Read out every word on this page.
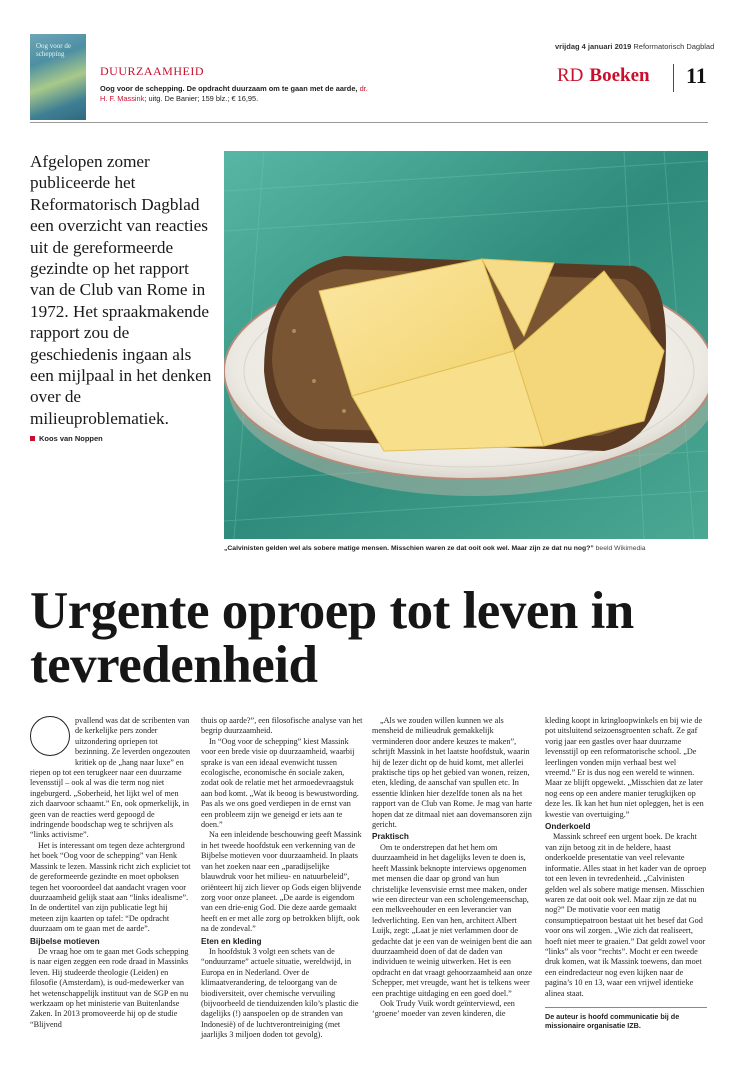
Oog voor de schepping
DUURZAAMHEID
Oog voor de schepping. De opdracht duurzaam om te gaan met de aarde, dr. H. F. Massink; uitg. De Banier; 159 blz.; € 16,95.
vrijdag 4 januari 2019 Reformatorisch Dagblad
RD Boeken 11
Afgelopen zomer publiceerde het Reformatorisch Dagblad een overzicht van reacties uit de gereformeerde gezindte op het rapport van de Club van Rome in 1972. Het spraakmakende rapport zou de geschiedenis ingaan als een mijlpaal in het denken over de milieuproblematiek.
Koos van Noppen
„Calvinisten gelden wel als sobere matige mensen. Misschien waren ze dat ooit ook wel. Maar zijn ze dat nu nog?” beeld Wikimedia
Urgente oproep tot leven in tevredenheid

pvallend was dat de scribenten van de kerkelijke pers zonder uitzondering opriepen tot bezinning. Ze leverden ongezouten kritiek op de „hang naar luxe” en riepen op tot een terugkeer naar een duurzame levensstijl – ook al was die term nog niet ingeburgerd. „Soberheid, het lijkt wel of men zich daarvoor schaamt.” En, ook opmerkelijk, in geen van de reacties werd gepoogd de indringende boodschap weg te schrijven als “links activisme”.

Het is interessant om tegen deze achtergrond het boek “Oog voor de schepping” van Henk Massink te lezen. Massink richt zich expliciet tot de gereformeerde gezindte en moet opboksen tegen het vooroordeel dat aandacht vragen voor duurzaamheid gelijk staat aan “links idealisme”. In de ondertitel van zijn publicatie legt hij meteen zijn kaarten op tafel: “De opdracht duurzaam om te gaan met de aarde”.

Bijbelse motieven

De vraag hoe om te gaan met Gods schepping is naar eigen zeggen een rode draad in Massinks leven. Hij studeerde theologie (Leiden) en filosofie (Amsterdam), is oud-medewerker van het wetenschappelijk instituut van de SGP en nu werkzaam op het ministerie van Buitenlandse Zaken. In 2013 promoveerde hij op de studie “Blijvend

thuis op aarde?”, een filosofische analyse van het begrip duurzaamheid.

In “Oog voor de schepping” kiest Massink voor een brede visie op duurzaamheid, waarbij sprake is van een ideaal evenwicht tussen ecologische, economische én sociale zaken, zodat ook de relatie met het armoedevraagstuk aan bod komt. „Wat ik beoog is bewustwording. Pas als we ons goed verdiepen in de ernst van een probleem zijn we geneigd er iets aan te doen.”

Na een inleidende beschouwing geeft Massink in het tweede hoofdstuk een verkenning van de Bijbelse motieven voor duurzaamheid. In plaats van het zoeken naar een „paradijselijke blauwdruk voor het milieu- en natuurbeleid”, oriënteert hij zich liever op Gods eigen blijvende zorg voor onze planeet. „De aarde is eigendom van een drie-enig God. Die deze aarde gemaakt heeft en er met alle zorg op betrokken blijft, ook na de zondeval.”

Eten en kleding

In hoofdstuk 3 volgt een schets van de “onduurzame” actuele situatie, wereldwijd, in Europa en in Nederland. Over de klimaatverandering, de teloorgang van de biodiversiteit, over chemische vervuiling (bijvoorbeeld de tienduizenden kilo’s plastic die dagelijks (!) aanspoelen op de stranden van Indonesië) of de luchtverontreiniging (met jaarlijks 3 miljoen doden tot gevolg).

„Als we zouden willen kunnen we als mensheid de milieudruk gemakkelijk verminderen door andere keuzes te maken”, schrijft Massink in het laatste hoofdstuk, waarin hij de lezer dicht op de huid komt, met allerlei praktische tips op het gebied van wonen, reizen, eten, kleding, de aanschaf van spullen etc. In essentie klinken hier dezelfde tonen als na het rapport van de Club van Rome. Je mag van harte hopen dat ze ditmaal niet aan dovemansoren zijn gericht.

Praktisch

Om te onderstrepen dat het hem om duurzaamheid in het dagelijks leven te doen is, heeft Massink beknopte interviews opgenomen met mensen die daar op grond van hun christelijke levensvisie ernst mee maken, onder wie een directeur van een scholengemeenschap, een melkveehouder en een leverancier van ledverlichting. Een van hen, architect Albert Luijk, zegt: „Laat je niet verlammen door de gedachte dat je een van de weinigen bent die aan duurzaamheid doen of dat de daden van individuen te weinig uitwerken. Het is een opdracht en dat vraagt gehoorzaamheid aan onze Schepper, met vreugde, want het is telkens weer een prachtige uitdaging en een goed doel.”

Ook Trudy Vuik wordt geïnterviewd, een ‘groene’ moeder van zeven kinderen, die

kleding koopt in kringloopwinkels en bij wie de pot uitsluitend seizoensgroenten schaft. Ze gaf vorig jaar een gastles over haar duurzame levensstijl op een reformatorische school. „De leerlingen vonden mijn verhaal best wel vreemd.” Er is dus nog een wereld te winnen. Maar ze blijft opgewekt. „Misschien dat ze later nog eens op een andere manier terugkijken op deze les. Ik kan het hun niet opleggen, het is een kwestie van overtuiging.”

Onderkoeld

Massink schreef een urgent boek. De kracht van zijn betoog zit in de heldere, haast onderkoelde presentatie van veel relevante informatie. Alles staat in het kader van de oproep tot een leven in tevredenheid. „Calvinisten gelden wel als sobere matige mensen. Misschien waren ze dat ooit ook wel. Maar zijn ze dat nu nog?” De motivatie voor een matig consumptiepatroon bestaat uit het besef dat God voor ons wil zorgen. „Wie zich dat realiseert, hoeft niet meer te graaien.” Dat geldt zowel voor “links” als voor “rechts”. Mocht er een tweede druk komen, wat ik Massink toewens, dan moet een eindredacteur nog even kijken naar de pagina’s 10 en 13, waar een vrijwel identieke alinea staat.

De auteur is hoofd communicatie bij de missionaire organisatie IZB.
